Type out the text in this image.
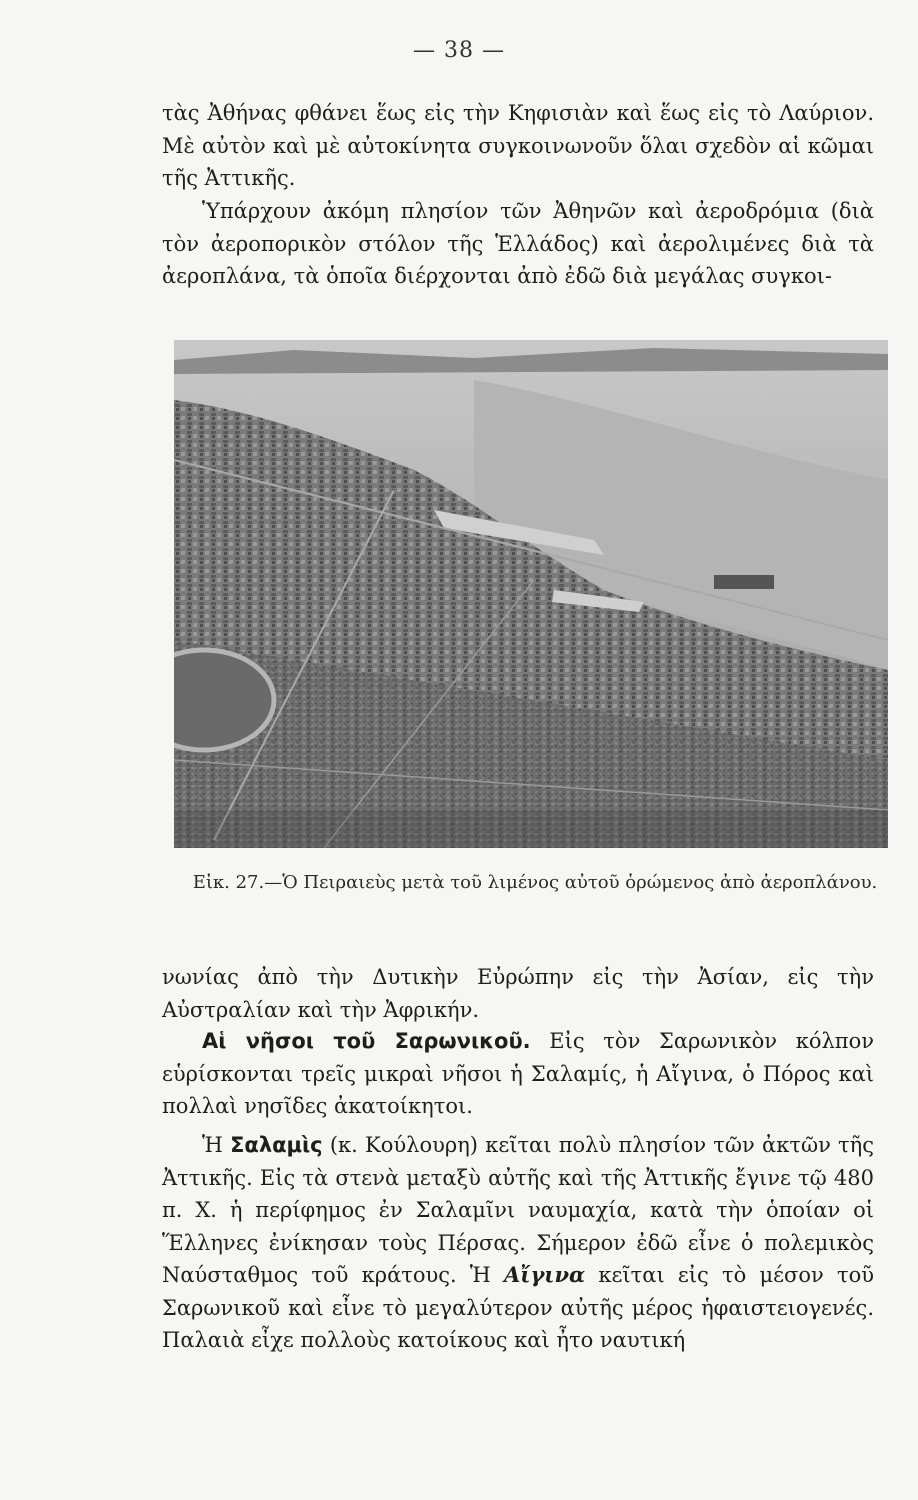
— 38 —

τὰς Ἀθήνας φθάνει ἕως εἰς τὴν Κηφισιὰν καὶ ἕως εἰς τὸ Λαύριον. Μὲ αὐτὸν καὶ μὲ αὐτοκίνητα συγκοινωνοῦν ὅλαι σχεδὸν αἱ κῶμαι τῆς Ἀττικῆς.

Ὑπάρχουν ἀκόμη πλησίον τῶν Ἀθηνῶν καὶ ἀεροδρόμια (διὰ τὸν ἀεροπορικὸν στόλον τῆς Ἑλλάδος) καὶ ἀερολιμένες διὰ τὰ ἀεροπλάνα, τὰ ὁποῖα διέρχονται ἀπὸ ἐδῶ διὰ μεγάλας συγκοι-

Εἰκ. 27.—Ὁ Πειραιεὺς μετὰ τοῦ λιμένος αὐτοῦ ὁρώμενος ἀπὸ ἀεροπλάνου.

νωνίας ἀπὸ τὴν Δυτικὴν Εὐρώπην εἰς τὴν Ἀσίαν, εἰς τὴν Αὐστραλίαν καὶ τὴν Ἀφρικήν.

Αἱ νῆσοι τοῦ Σαρωνικοῦ. Εἰς τὸν Σαρωνικὸν κόλπον εὑρίσκονται τρεῖς μικραὶ νῆσοι ἡ Σαλαμίς, ἡ Αἴγινα, ὁ Πόρος καὶ πολλαὶ νησῖδες ἀκατοίκητοι.

Ἡ Σαλαμὶς (κ. Κούλουρη) κεῖται πολὺ πλησίον τῶν ἀκτῶν τῆς Ἀττικῆς. Εἰς τὰ στενὰ μεταξὺ αὐτῆς καὶ τῆς Ἀττικῆς ἔγινε τῷ 480 π. Χ. ἡ περίφημος ἐν Σαλαμῖνι ναυμαχία, κατὰ τὴν ὁποίαν οἱ Ἕλληνες ἐνίκησαν τοὺς Πέρσας. Σήμερον ἐδῶ εἶνε ὁ πολεμικὸς Ναύσταθμος τοῦ κράτους. Ἡ Αἴγινα κεῖται εἰς τὸ μέσον τοῦ Σαρωνικοῦ καὶ εἶνε τὸ μεγαλύτερον αὐτῆς μέρος ἡφαιστειογενές. Παλαιὰ εἶχε πολλοὺς κατοίκους καὶ ἦτο ναυτική
